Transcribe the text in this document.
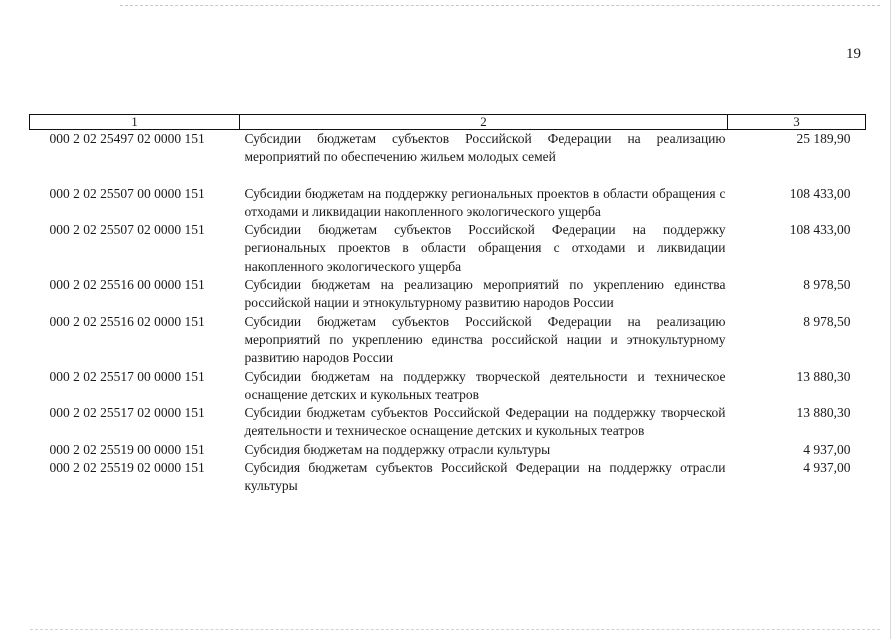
19
1	2	3
000 2 02 25497 02 0000 151	Субсидии бюджетам субъектов Российской Федерации на реализацию мероприятий по обеспечению жильем молодых семей	25 189,90

000 2 02 25507 00 0000 151	Субсидии бюджетам на поддержку региональных проектов в области обращения с отходами и ликвидации накопленного экологического ущерба	108 433,00
000 2 02 25507 02 0000 151	Субсидии бюджетам субъектов Российской Федерации на поддержку региональных проектов в области обращения с отходами и ликвидации накопленного экологического ущерба	108 433,00
000 2 02 25516 00 0000 151	Субсидии бюджетам на реализацию мероприятий по укреплению единства российской нации и этнокультурному развитию народов России	8 978,50
000 2 02 25516 02 0000 151	Субсидии бюджетам субъектов Российской Федерации на реализацию мероприятий по укреплению единства российской нации и этнокультурному развитию народов России	8 978,50
000 2 02 25517 00 0000 151	Субсидии бюджетам на поддержку творческой деятельности и техническое оснащение детских и кукольных театров	13 880,30
000 2 02 25517 02 0000 151	Субсидии бюджетам субъектов Российской Федерации на поддержку творческой деятельности и техническое оснащение детских и кукольных театров	13 880,30
000 2 02 25519 00 0000 151	Субсидия бюджетам на поддержку отрасли культуры	4 937,00
000 2 02 25519 02 0000 151	Субсидия бюджетам субъектов Российской Федерации на поддержку отрасли культуры	4 937,00
